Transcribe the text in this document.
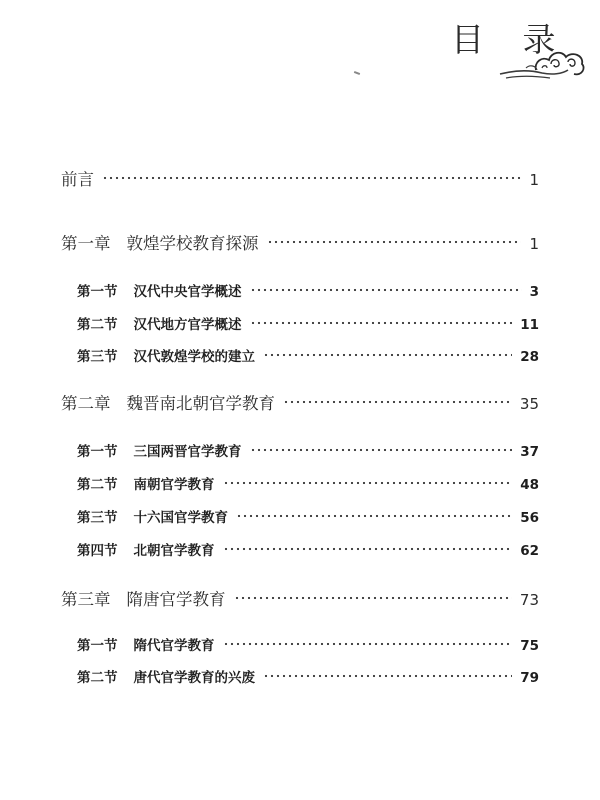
目 录
前言	1
第一章 敦煌学校教育探源	1
第一节 汉代中央官学概述	3
第二节 汉代地方官学概述	11
第三节 汉代敦煌学校的建立	28
第二章 魏晋南北朝官学教育	35
第一节 三国两晋官学教育	37
第二节 南朝官学教育	48
第三节 十六国官学教育	56
第四节 北朝官学教育	62
第三章 隋唐官学教育	73
第一节 隋代官学教育	75
第二节 唐代官学教育的兴废	79
